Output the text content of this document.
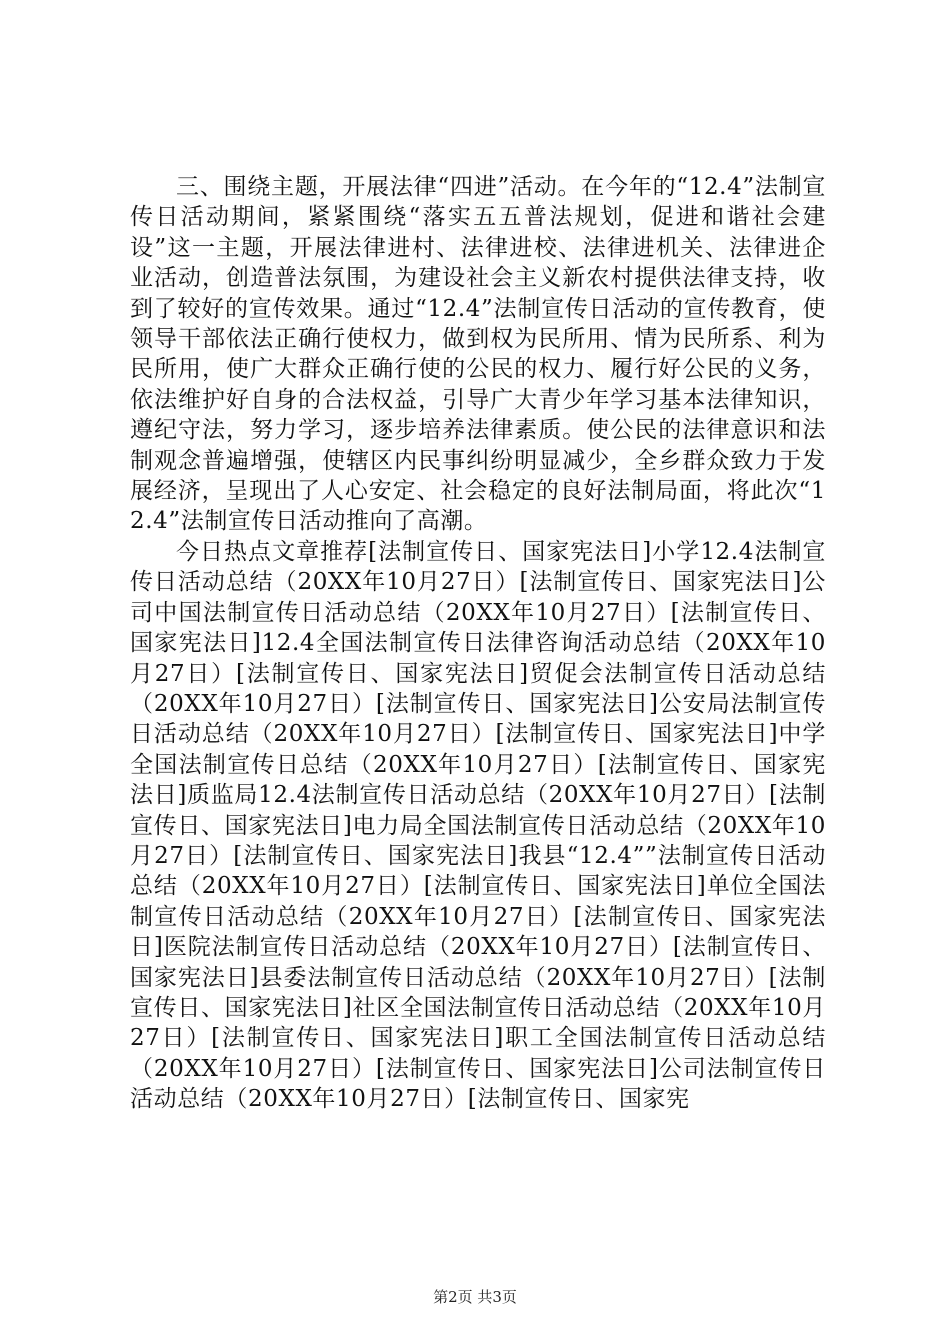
三、围绕主题，开展法律“四进”活动。在今年的“12.4”法制宣传日活动期间，紧紧围绕“落实五五普法规划，促进和谐社会建设”这一主题，开展法律进村、法律进校、法律进机关、法律进企业活动，创造普法氛围，为建设社会主义新农村提供法律支持，收到了较好的宣传效果。通过“12.4”法制宣传日活动的宣传教育，使领导干部依法正确行使权力，做到权为民所用、情为民所系、利为民所用，使广大群众正确行使的公民的权力、履行好公民的义务，依法维护好自身的合法权益，引导广大青少年学习基本法律知识，遵纪守法，努力学习，逐步培养法律素质。使公民的法律意识和法制观念普遍增强，使辖区内民事纠纷明显减少，全乡群众致力于发展经济，呈现出了人心安定、社会稳定的良好法制局面，将此次“12.4”法制宣传日活动推向了高潮。

今日热点文章推荐[法制宣传日、国家宪法日]小学12.4法制宣传日活动总结（20XX年10月27日）[法制宣传日、国家宪法日]公司中国法制宣传日活动总结（20XX年10月27日）[法制宣传日、国家宪法日]12.4全国法制宣传日法律咨询活动总结（20XX年10月27日）[法制宣传日、国家宪法日]贸促会法制宣传日活动总结（20XX年10月27日）[法制宣传日、国家宪法日]公安局法制宣传日活动总结（20XX年10月27日）[法制宣传日、国家宪法日]中学全国法制宣传日总结（20XX年10月27日）[法制宣传日、国家宪法日]质监局12.4法制宣传日活动总结（20XX年10月27日）[法制宣传日、国家宪法日]电力局全国法制宣传日活动总结（20XX年10月27日）[法制宣传日、国家宪法日]我县“12.4””法制宣传日活动总结（20XX年10月27日）[法制宣传日、国家宪法日]单位全国法制宣传日活动总结（20XX年10月27日）[法制宣传日、国家宪法日]医院法制宣传日活动总结（20XX年10月27日）[法制宣传日、国家宪法日]县委法制宣传日活动总结（20XX年10月27日）[法制宣传日、国家宪法日]社区全国法制宣传日活动总结（20XX年10月27日）[法制宣传日、国家宪法日]职工全国法制宣传日活动总结（20XX年10月27日）[法制宣传日、国家宪法日]公司法制宣传日活动总结（20XX年10月27日）[法制宣传日、国家宪

第2页 共3页
